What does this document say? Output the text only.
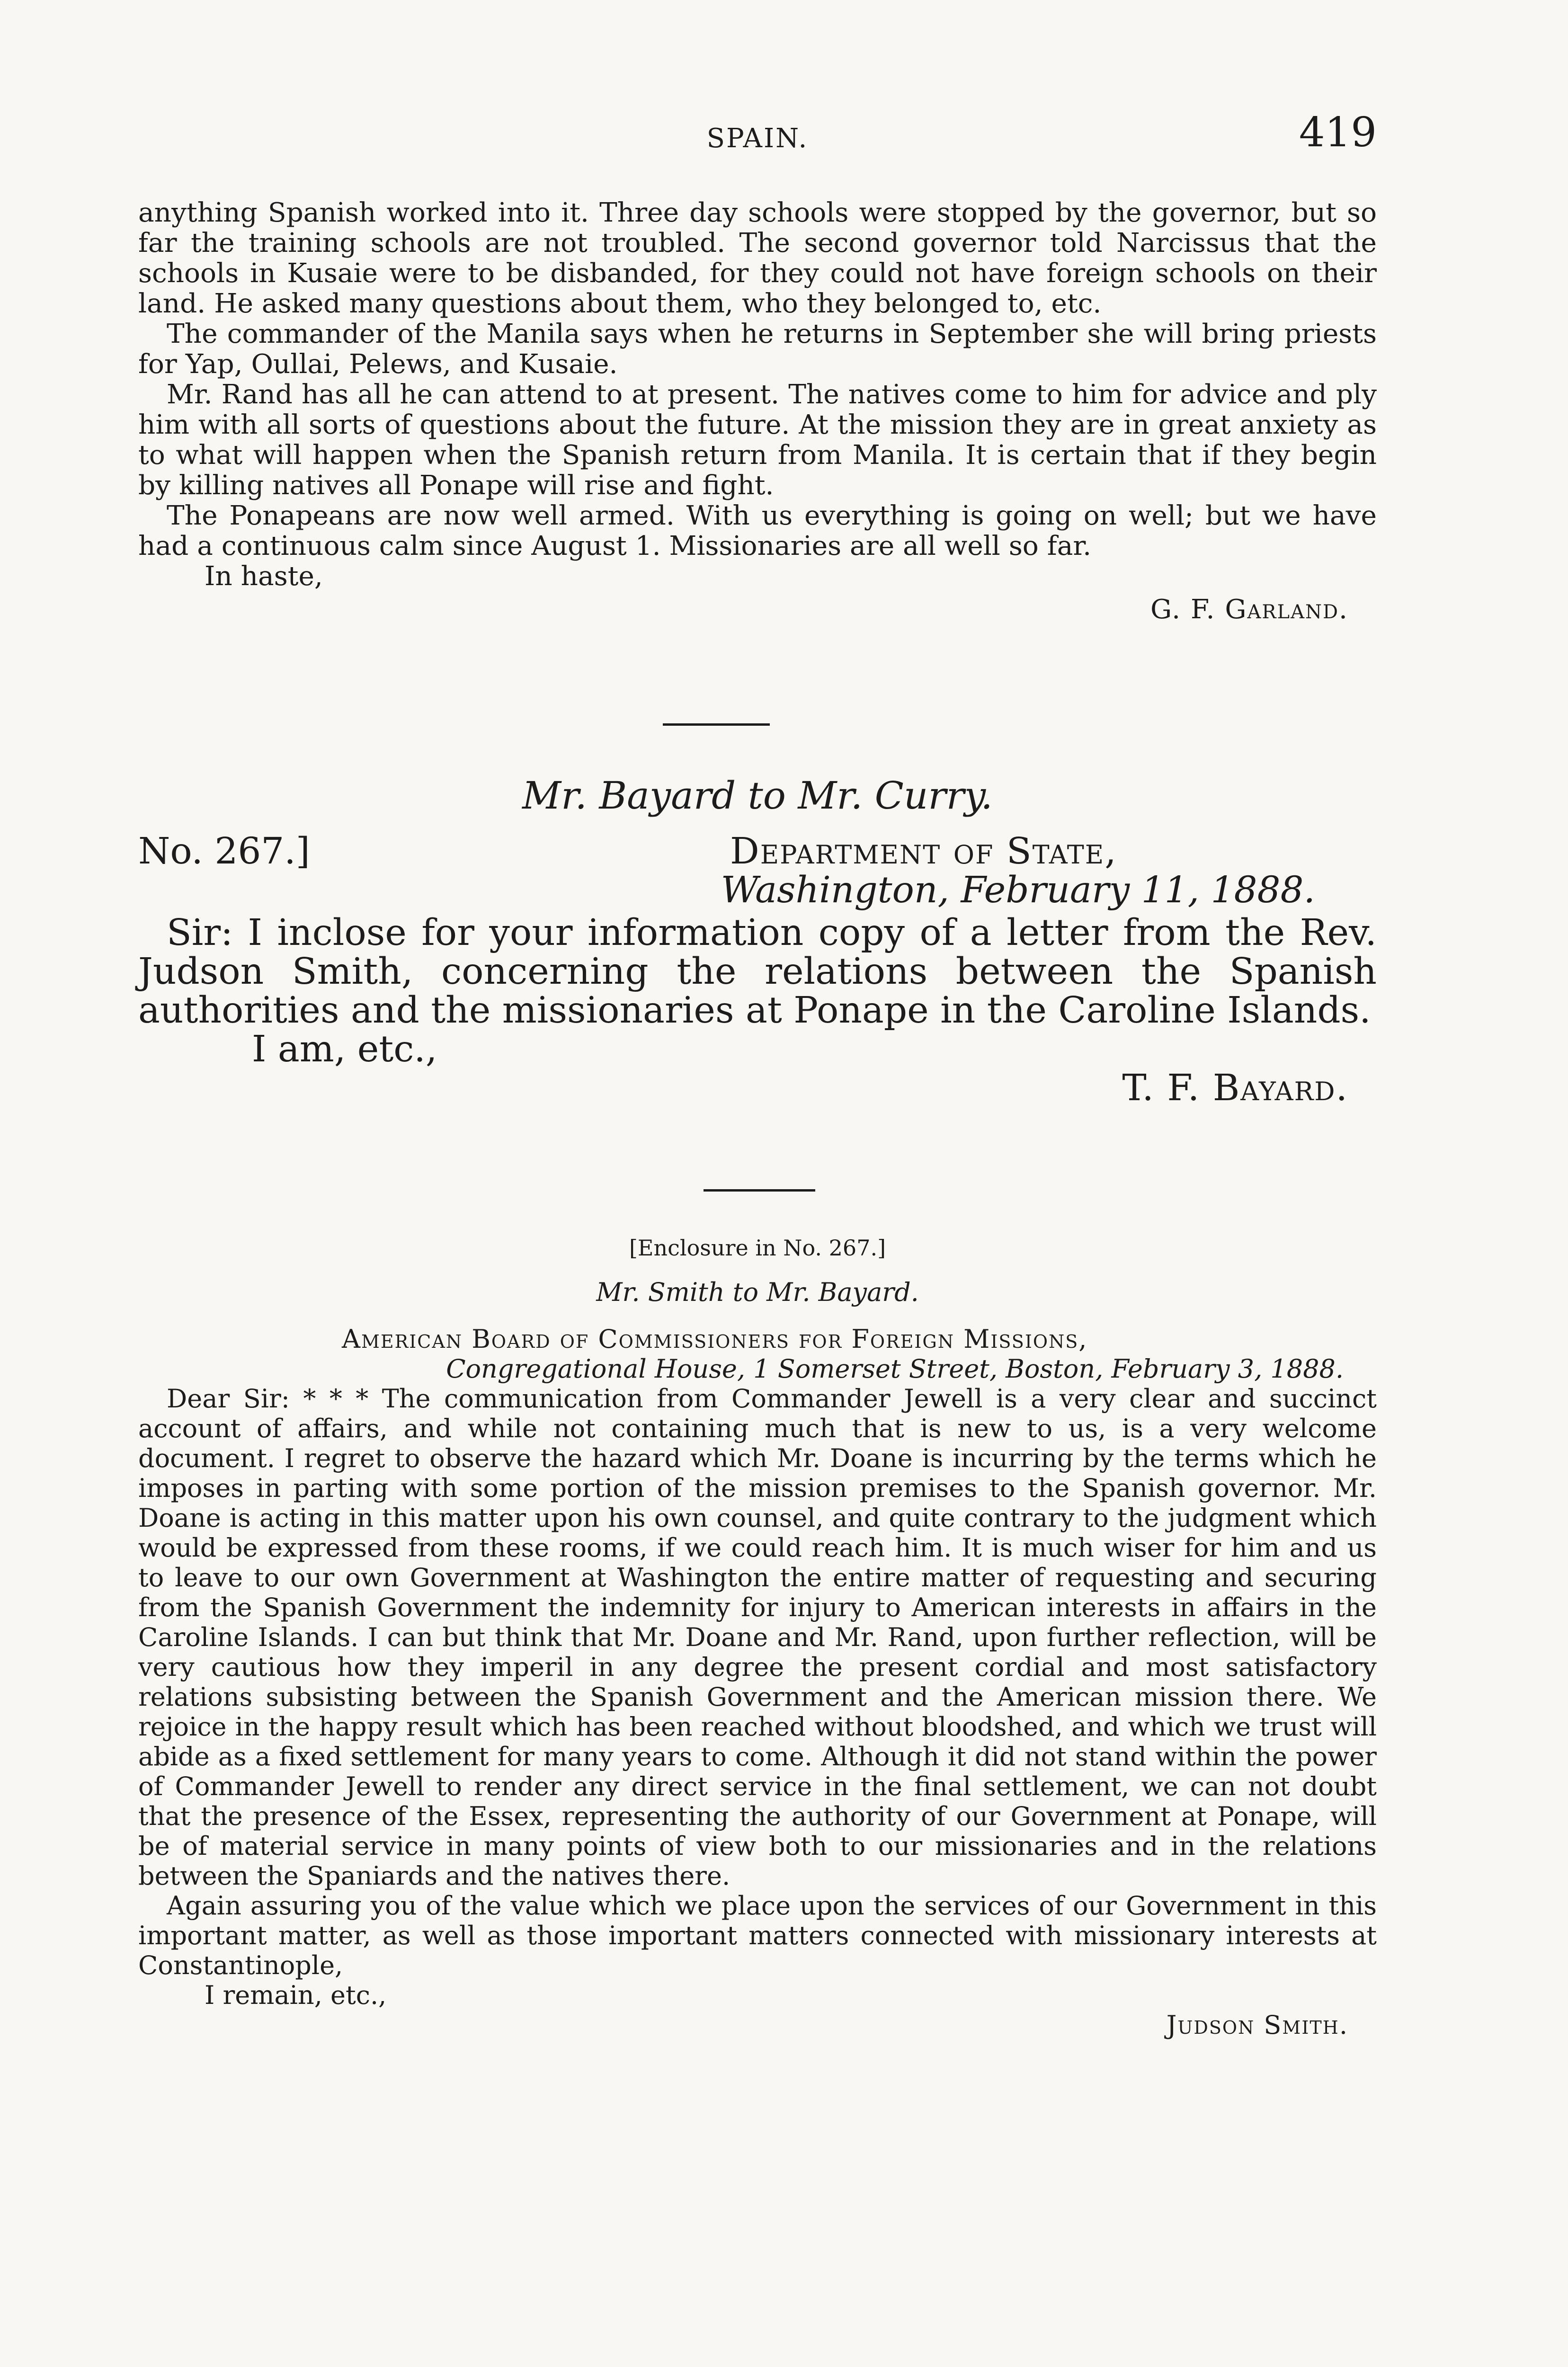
SPAIN.	419

anything Spanish worked into it. Three day schools were stopped by the governor, but so far the training schools are not troubled. The second governor told Narcissus that the schools in Kusaie were to be disbanded, for they could not have foreign schools on their land. He asked many questions about them, who they belonged to, etc.

The commander of the Manila says when he returns in September she will bring priests for Yap, Oullai, Pelews, and Kusaie.

Mr. Rand has all he can attend to at present. The natives come to him for advice and ply him with all sorts of questions about the future. At the mission they are in great anxiety as to what will happen when the Spanish return from Manila. It is certain that if they begin by killing natives all Ponape will rise and fight.

The Ponapeans are now well armed. With us everything is going on well; but we have had a continuous calm since August 1. Missionaries are all well so far.

In haste,

G. F. Garland.

Mr. Bayard to Mr. Curry.

No. 267.]	Department of State,

Washington, February 11, 1888.

Sir: I inclose for your information copy of a letter from the Rev. Judson Smith, concerning the relations between the Spanish authorities and the missionaries at Ponape in the Caroline Islands.

I am, etc.,

T. F. Bayard.

[Enclosure in No. 267.]

Mr. Smith to Mr. Bayard.

American Board of Commissioners for Foreign Missions,

Congregational House, 1 Somerset Street, Boston, February 3, 1888.

Dear Sir: * * * The communication from Commander Jewell is a very clear and succinct account of affairs, and while not containing much that is new to us, is a very welcome document. I regret to observe the hazard which Mr. Doane is incurring by the terms which he imposes in parting with some portion of the mission premises to the Spanish governor. Mr. Doane is acting in this matter upon his own counsel, and quite contrary to the judgment which would be expressed from these rooms, if we could reach him. It is much wiser for him and us to leave to our own Government at Washington the entire matter of requesting and securing from the Spanish Government the indemnity for injury to American interests in affairs in the Caroline Islands. I can but think that Mr. Doane and Mr. Rand, upon further reflection, will be very cautious how they imperil in any degree the present cordial and most satisfactory relations subsisting between the Spanish Government and the American mission there. We rejoice in the happy result which has been reached without bloodshed, and which we trust will abide as a fixed settlement for many years to come. Although it did not stand within the power of Commander Jewell to render any direct service in the final settlement, we can not doubt that the presence of the Essex, representing the authority of our Government at Ponape, will be of material service in many points of view both to our missionaries and in the relations between the Spaniards and the natives there.

Again assuring you of the value which we place upon the services of our Government in this important matter, as well as those important matters connected with missionary interests at Constantinople,

I remain, etc.,

Judson Smith.
